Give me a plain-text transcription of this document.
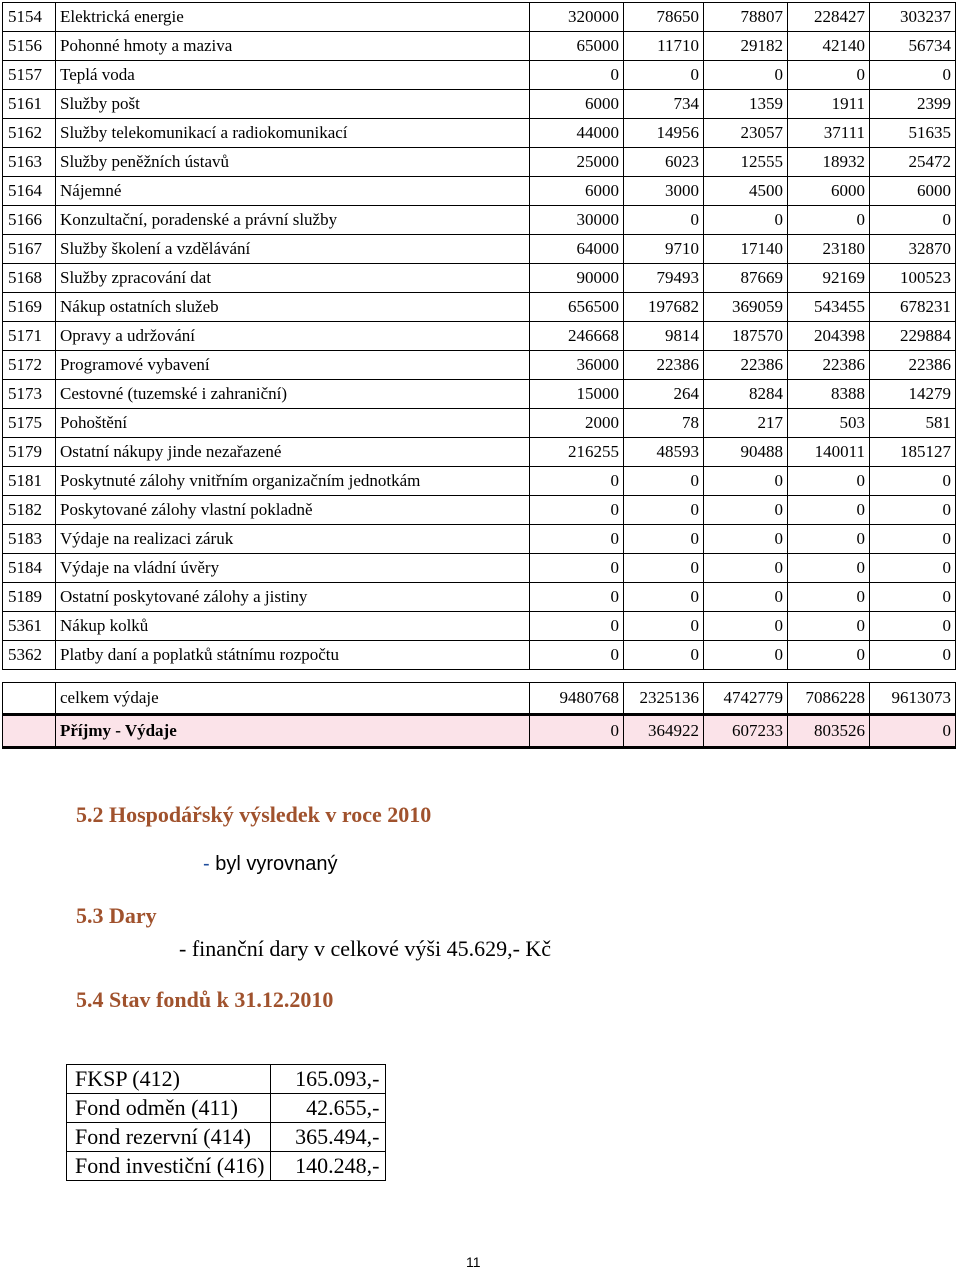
5154	Elektrická energie	320000	78650	78807	228427	303237
5156	Pohonné hmoty a maziva	65000	11710	29182	42140	56734
5157	Teplá voda	0	0	0	0	0
5161	Služby pošt	6000	734	1359	1911	2399
5162	Služby telekomunikací a radiokomunikací	44000	14956	23057	37111	51635
5163	Služby peněžních ústavů	25000	6023	12555	18932	25472
5164	Nájemné	6000	3000	4500	6000	6000
5166	Konzultační, poradenské a právní služby	30000	0	0	0	0
5167	Služby školení a vzdělávání	64000	9710	17140	23180	32870
5168	Služby zpracování dat	90000	79493	87669	92169	100523
5169	Nákup ostatních služeb	656500	197682	369059	543455	678231
5171	Opravy a udržování	246668	9814	187570	204398	229884
5172	Programové vybavení	36000	22386	22386	22386	22386
5173	Cestovné (tuzemské i zahraniční)	15000	264	8284	8388	14279
5175	Pohoštění	2000	78	217	503	581
5179	Ostatní nákupy jinde nezařazené	216255	48593	90488	140011	185127
5181	Poskytnuté zálohy vnitřním organizačním jednotkám	0	0	0	0	0
5182	Poskytované zálohy vlastní pokladně	0	0	0	0	0
5183	Výdaje na realizaci záruk	0	0	0	0	0
5184	Výdaje na vládní úvěry	0	0	0	0	0
5189	Ostatní poskytované zálohy a jistiny	0	0	0	0	0
5361	Nákup kolků	0	0	0	0	0
5362	Platby daní a poplatků státnímu rozpočtu	0	0	0	0	0

	celkem výdaje	9480768	2325136	4742779	7086228	9613073
	Příjmy - Výdaje	0	364922	607233	803526	0
5.2 Hospodářský výsledek v roce 2010
- byl vyrovnaný
5.3 Dary
- finanční dary v celkové výši 45.629,- Kč
5.4 Stav fondů k 31.12.2010
FKSP (412)	165.093,-
Fond odměn (411)	42.655,-
Fond rezervní (414)	365.494,-
Fond investiční (416)	140.248,-
11
